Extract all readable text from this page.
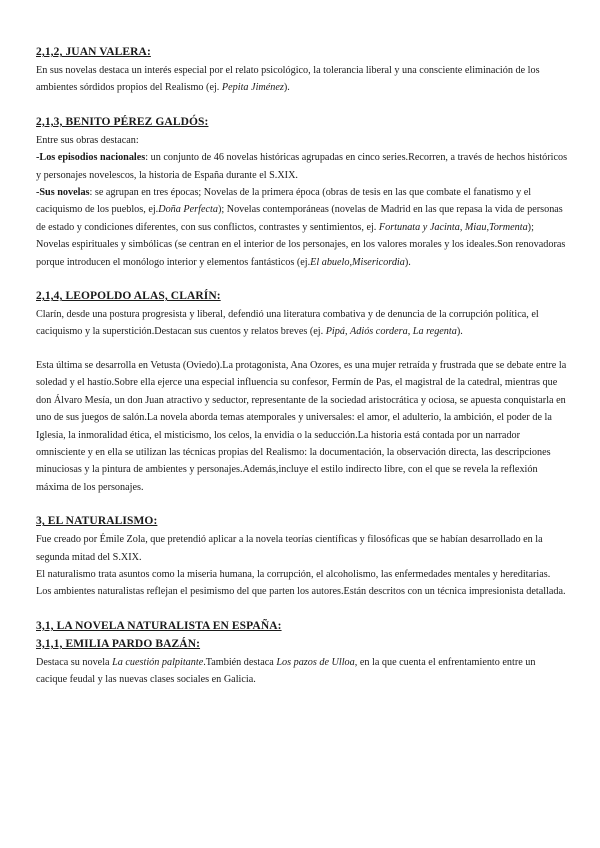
2,1,2, JUAN VALERA:

En sus novelas destaca un interés especial por el relato psicológico, la tolerancia liberal y una consciente eliminación de los ambientes sórdidos propios del Realismo (ej. Pepita Jiménez).

2,1,3, BENITO PÉREZ GALDÓS:

Entre sus obras destacan:

-Los episodios nacionales: un conjunto de 46 novelas históricas agrupadas en cinco series.Recorren, a través de hechos históricos y personajes novelescos, la historia de España durante el S.XIX.

-Sus novelas: se agrupan en tres épocas; Novelas de la primera época (obras de tesis en las que combate el fanatismo y el caciquismo de los pueblos, ej.Doña Perfecta); Novelas contemporáneas (novelas de Madrid en las que repasa la vida de personas de estado y condiciones diferentes, con sus conflictos, contrastes y sentimientos, ej. Fortunata y Jacinta, Miau,Tormenta); Novelas espirituales y simbólicas (se centran en el interior de los personajes, en los valores morales y los ideales.Son renovadoras porque introducen el monólogo interior y elementos fantásticos (ej.El abuelo,Misericordia).

2,1,4, LEOPOLDO ALAS, CLARÍN:

Clarín, desde una postura progresista y liberal, defendió una literatura combativa y de denuncia de la corrupción política, el caciquismo y la superstición.Destacan sus cuentos y relatos breves (ej. Pipá, Adiós cordera, La regenta).

Esta última se desarrolla en Vetusta (Oviedo).La protagonista, Ana Ozores, es una mujer retraída y frustrada que se debate entre la soledad y el hastío.Sobre ella ejerce una especial influencia su confesor, Fermín de Pas, el magistral de la catedral, mientras que don Álvaro Mesía, un don Juan atractivo y seductor, representante de la sociedad aristocrática y ociosa, se apuesta conquistarla en uno de sus juegos de salón.La novela aborda temas atemporales y universales: el amor, el adulterio, la ambición, el poder de la Iglesia, la inmoralidad ética, el misticismo, los celos, la envidia o la seducción.La historia está contada por un narrador omnisciente y en ella se utilizan las técnicas propias del Realismo: la documentación, la observación directa, las descripciones minuciosas y la pintura de ambientes y personajes.Además,incluye el estilo indirecto libre, con el que se revela la reflexión máxima de los personajes.

3, EL NATURALISMO:

Fue creado por Émile Zola, que pretendió aplicar a la novela teorías científicas y filosóficas que se habían desarrollado en la segunda mitad del S.XIX.

El naturalismo trata asuntos como la miseria humana, la corrupción, el alcoholismo, las enfermedades mentales y hereditarias.

Los ambientes naturalistas reflejan el pesimismo del que parten los autores.Están descritos con un técnica impresionista detallada.

3,1, LA NOVELA NATURALISTA EN ESPAÑA:
3,1,1, EMILIA PARDO BAZÁN:

Destaca su novela La cuestión palpitante.También destaca Los pazos de Ulloa, en la que cuenta el enfrentamiento entre un cacique feudal y las nuevas clases sociales en Galicia.
